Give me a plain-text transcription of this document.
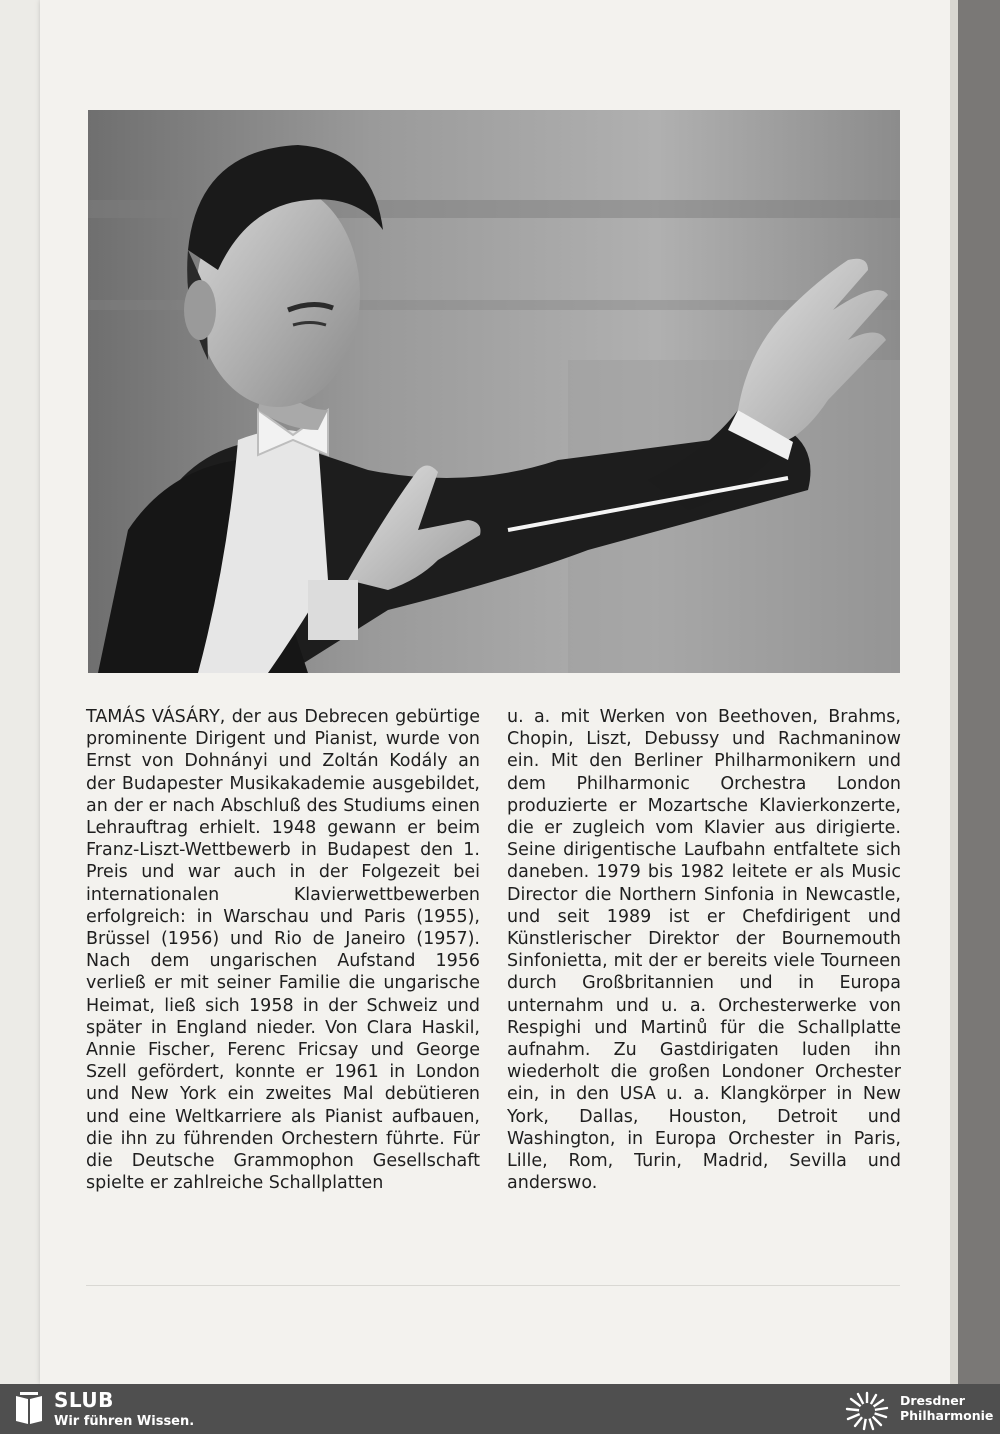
TAMÁS VÁSÁRY, der aus Debrecen gebürtige prominente Dirigent und Pianist, wurde von Ernst von Dohnányi und Zoltán Kodály an der Budapester Musikakademie ausgebildet, an der er nach Abschluß des Studiums einen Lehrauftrag erhielt. 1948 gewann er beim Franz-Liszt-Wettbewerb in Budapest den 1. Preis und war auch in der Folgezeit bei internationalen Klavierwettbewerben erfolgreich: in Warschau und Paris (1955), Brüssel (1956) und Rio de Janeiro (1957). Nach dem ungarischen Aufstand 1956 verließ er mit seiner Familie die ungarische Heimat, ließ sich 1958 in der Schweiz und später in England nieder. Von Clara Haskil, Annie Fischer, Ferenc Fricsay und George Szell gefördert, konnte er 1961 in London und New York ein zweites Mal debütieren und eine Weltkarriere als Pianist aufbauen, die ihn zu führenden Orchestern führte. Für die Deutsche Grammophon Gesellschaft spielte er zahlreiche Schallplatten
u. a. mit Werken von Beethoven, Brahms, Chopin, Liszt, Debussy und Rachmaninow ein. Mit den Berliner Philharmonikern und dem Philharmonic Orchestra London produzierte er Mozartsche Klavierkonzerte, die er zugleich vom Klavier aus dirigierte. Seine dirigentische Laufbahn entfaltete sich daneben. 1979 bis 1982 leitete er als Music Director die Northern Sinfonia in Newcastle, und seit 1989 ist er Chefdirigent und Künstlerischer Direktor der Bournemouth Sinfonietta, mit der er bereits viele Tourneen durch Großbritannien und in Europa unternahm und u. a. Orchesterwerke von Respighi und Martinů für die Schallplatte aufnahm. Zu Gastdirigaten luden ihn wiederholt die großen Londoner Orchester ein, in den USA u. a. Klangkörper in New York, Dallas, Houston, Detroit und Washington, in Europa Orchester in Paris, Lille, Rom, Turin, Madrid, Sevilla und anderswo.
SLUB
Wir führen Wissen.
Dresdner
Philharmonie
